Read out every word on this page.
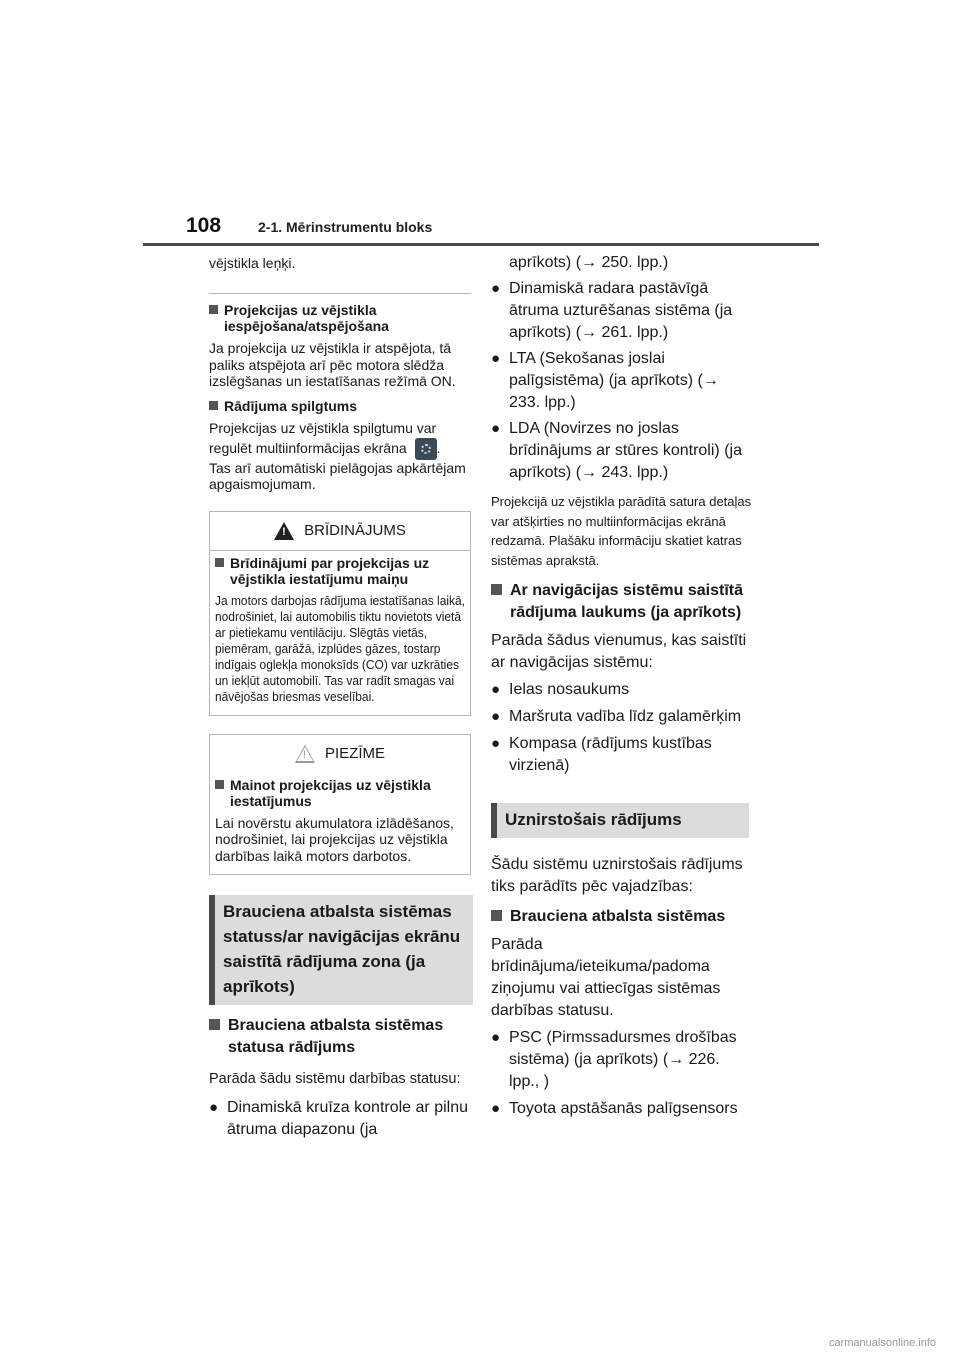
108	2-1. Mērinstrumentu bloks

vējstikla leņķi.

Projekcijas uz vējstikla iespējošana/atspējošana

Ja projekcija uz vējstikla ir atspējota, tā paliks atspējota arī pēc motora slēdža izslēgšanas un iestatīšanas režīmā ON.

Rādījuma spilgtums

Projekcijas uz vējstikla spilgtumu var regulēt multiinformācijas ekrāna .

Tas arī automātiski pielāgojas apkārtējam apgaismojumam.

! BRĪDINĀJUMS
Brīdinājumi par projekcijas uz vējstikla iestatījumu maiņu

Ja motors darbojas rādījuma iestatīšanas laikā, nodrošiniet, lai automobilis tiktu novietots vietā ar pietiekamu ventilāciju. Slēgtās vietās, piemēram, garāžā, izplūdes gāzes, tostarp indīgais oglekļa monoksīds (CO) var uzkrāties un iekļūt automobilī. Tas var radīt smagas vai nāvējošas briesmas veselībai.

! PIEZĪME
Mainot projekcijas uz vējstikla iestatījumus

Lai novērstu akumulatora izlādēšanos, nodrošiniet, lai projekcijas uz vējstikla darbības laikā motors darbotos.

Brauciena atbalsta sistēmas statuss/ar navigācijas ekrānu saistītā rādījuma zona (ja aprīkots)
Brauciena atbalsta sistēmas statusa rādījums

Parāda šādu sistēmu darbības statusu:

● Dinamiskā kruīza kontrole ar pilnu ātruma diapazonu (ja

aprīkots) (→ 250. lpp.)

● Dinamiskā radara pastāvīgā ātruma uzturēšanas sistēma (ja aprīkots) (→ 261. lpp.)
● LTA (Sekošanas joslai palīgsistēma) (ja aprīkots) (→ 233. lpp.)
● LDA (Novirzes no joslas brīdinājums ar stūres kontroli) (ja aprīkots) (→ 243. lpp.)

Projekcijā uz vējstikla parādītā satura detaļas var atšķirties no multiinformācijas ekrānā redzamā. Plašāku informāciju skatiet katras sistēmas aprakstā.

Ar navigācijas sistēmu saistītā rādījuma laukums (ja aprīkots)

Parāda šādus vienumus, kas saistīti ar navigācijas sistēmu:

● Ielas nosaukums
● Maršruta vadība līdz galamērķim
● Kompasa (rādījums kustības virzienā)
Uznirstošais rādījums

Šādu sistēmu uznirstošais rādījums tiks parādīts pēc vajadzības:

Brauciena atbalsta sistēmas

Parāda brīdinājuma/ieteikuma/padoma ziņojumu vai attiecīgas sistēmas darbības statusu.

● PSC (Pirmssadursmes drošības sistēma) (ja aprīkots) (→ 226. lpp., )
● Toyota apstāšanās palīgsensors
carmanualsonline.info
